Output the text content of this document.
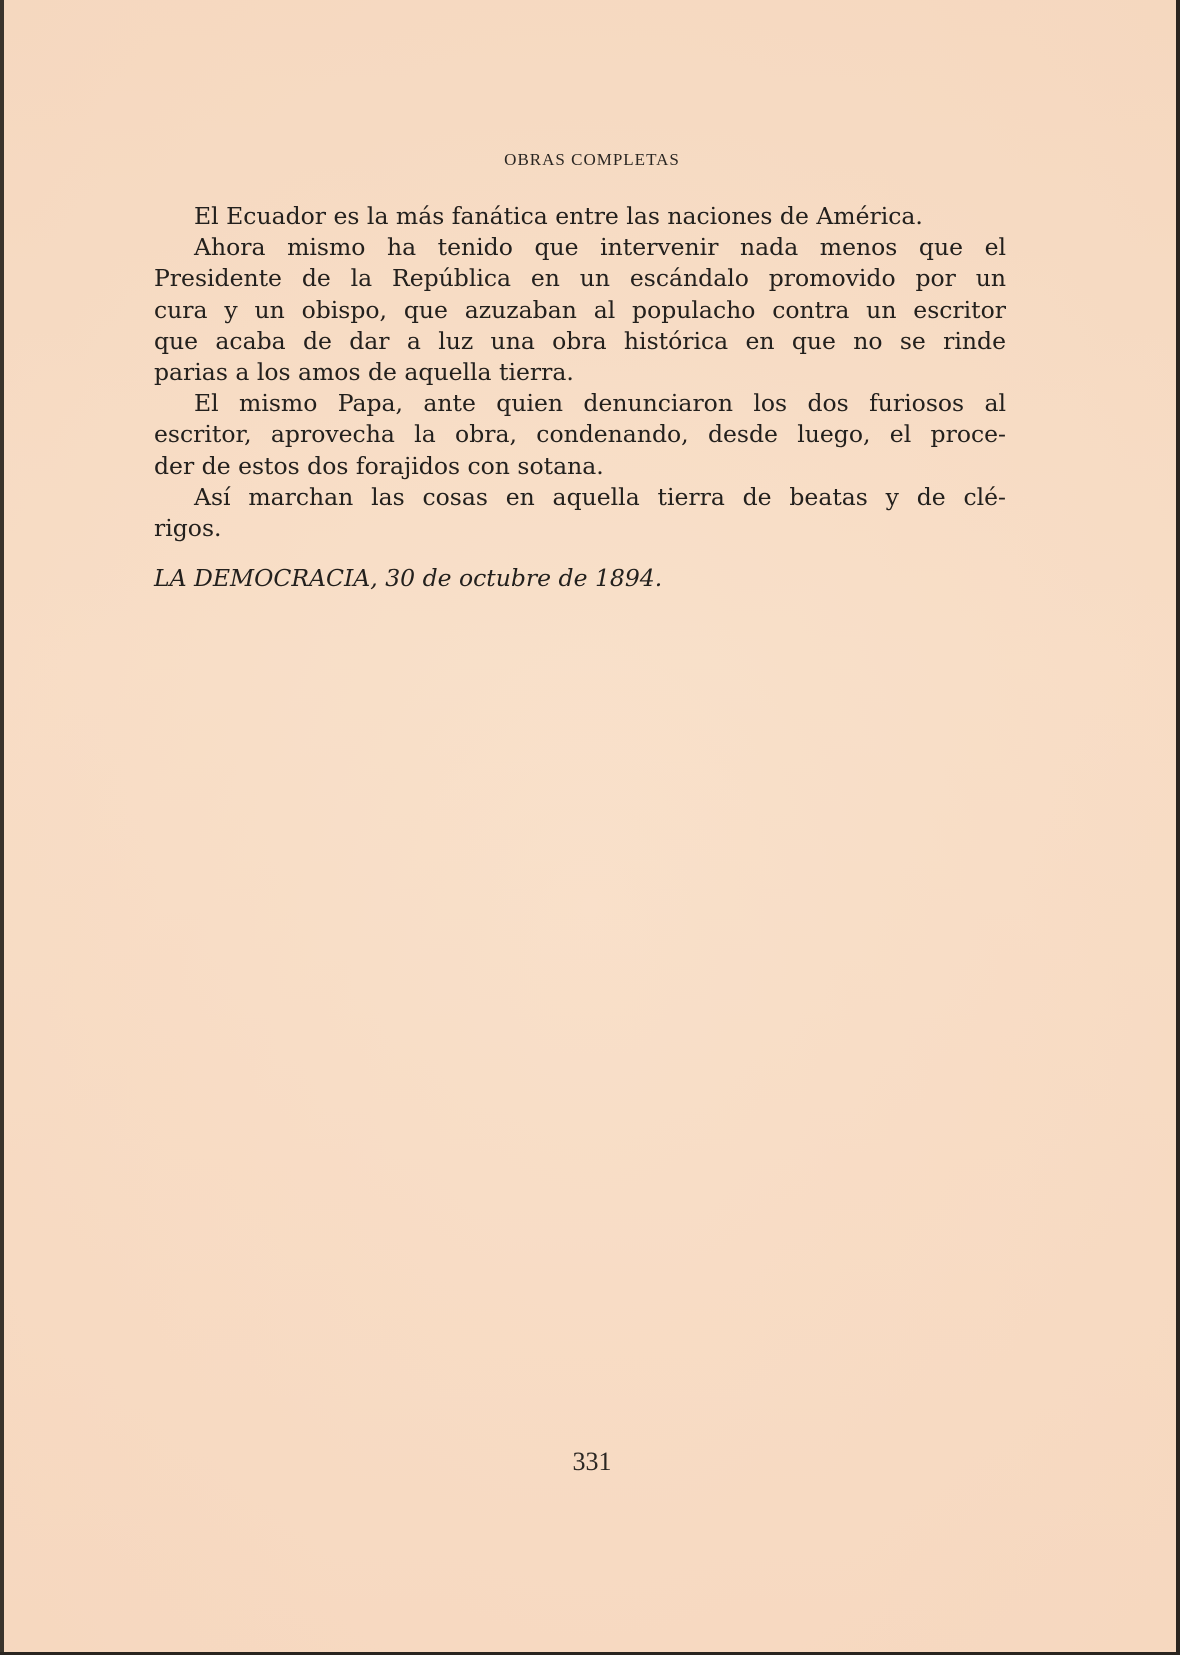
OBRAS COMPLETAS
El Ecuador es la más fanática entre las naciones de América.
Ahora mismo ha tenido que intervenir nada menos que el
Presidente de la República en un escándalo promovido por un
cura y un obispo, que azuzaban al populacho contra un escritor
que acaba de dar a luz una obra histórica en que no se rinde
parias a los amos de aquella tierra.
El mismo Papa, ante quien denunciaron los dos furiosos al
escritor, aprovecha la obra, condenando, desde luego, el proce-
der de estos dos forajidos con sotana.
Así marchan las cosas en aquella tierra de beatas y de clé-
rigos.
LA DEMOCRACIA, 30 de octubre de 1894.
331
